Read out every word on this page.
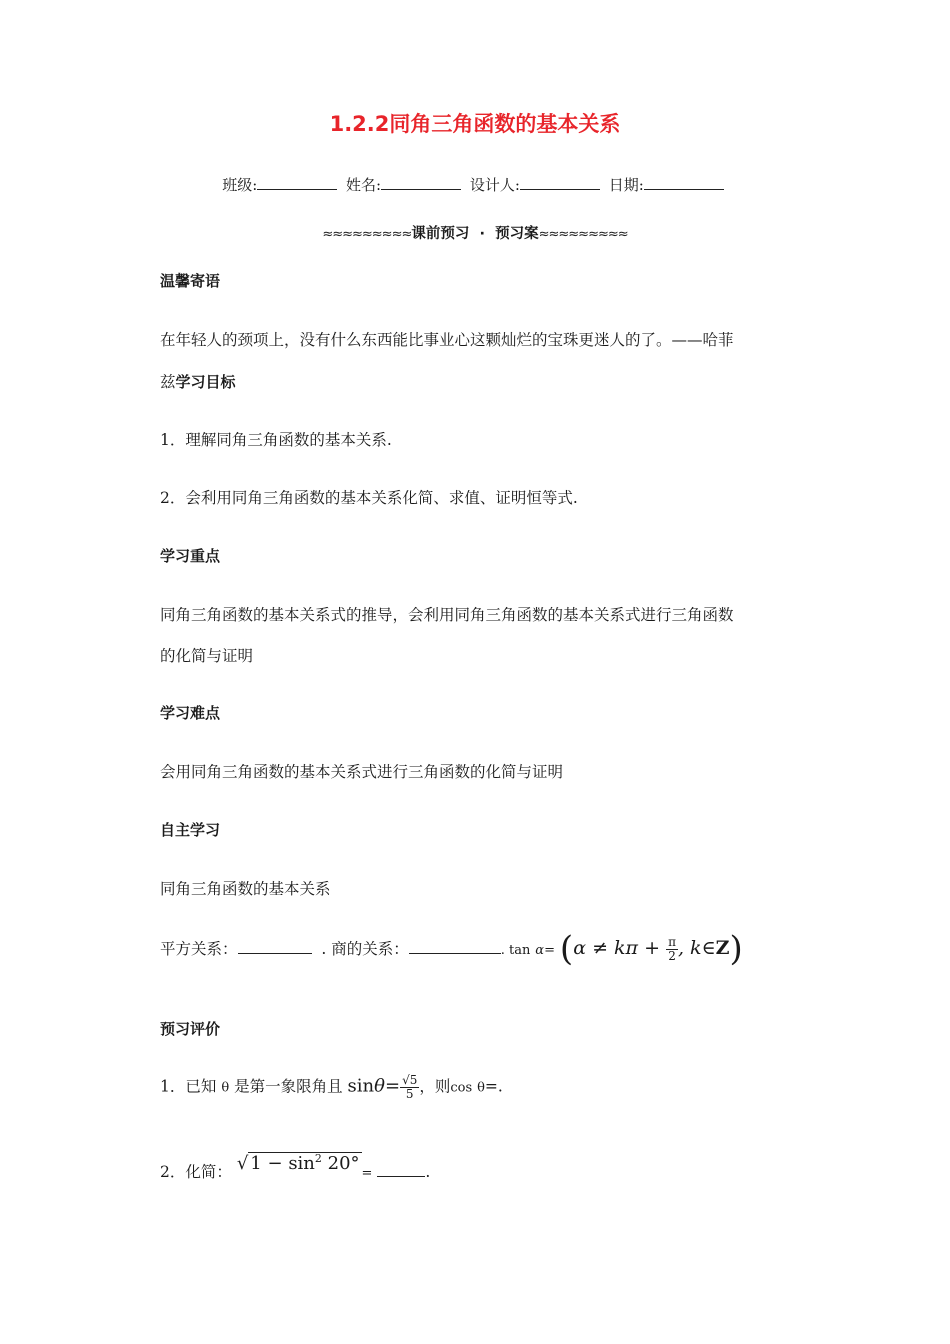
1.2.2同角三角函数的基本关系
班级:	姓名:	设计人:	日期:
≈≈≈≈≈≈≈≈≈课前预习 · 预习案≈≈≈≈≈≈≈≈≈
温馨寄语
在年轻人的颈项上，没有什么东西能比事业心这颗灿烂的宝珠更迷人的了。——哈菲
兹学习目标
1．理解同角三角函数的基本关系.
2．会利用同角三角函数的基本关系化简、求值、证明恒等式.
学习重点
同角三角函数的基本关系式的推导，会利用同角三角函数的基本关系式进行三角函数
的化简与证明
学习难点
会用同角三角函数的基本关系式进行三角函数的化简与证明
自主学习
同角三角函数的基本关系
平方关系：	. 商的关系：	. $\tan \alpha= (\alpha \ne k\pi + \frac{\pi}{2}$ , k∈Z)
预习评价
1．已知 θ 是第一象限角且 $\sin\theta= \frac{√5}{5}$ ，则cos θ=.
2．化简： √ $1 - \sin^2 20^\circ$ =	.
